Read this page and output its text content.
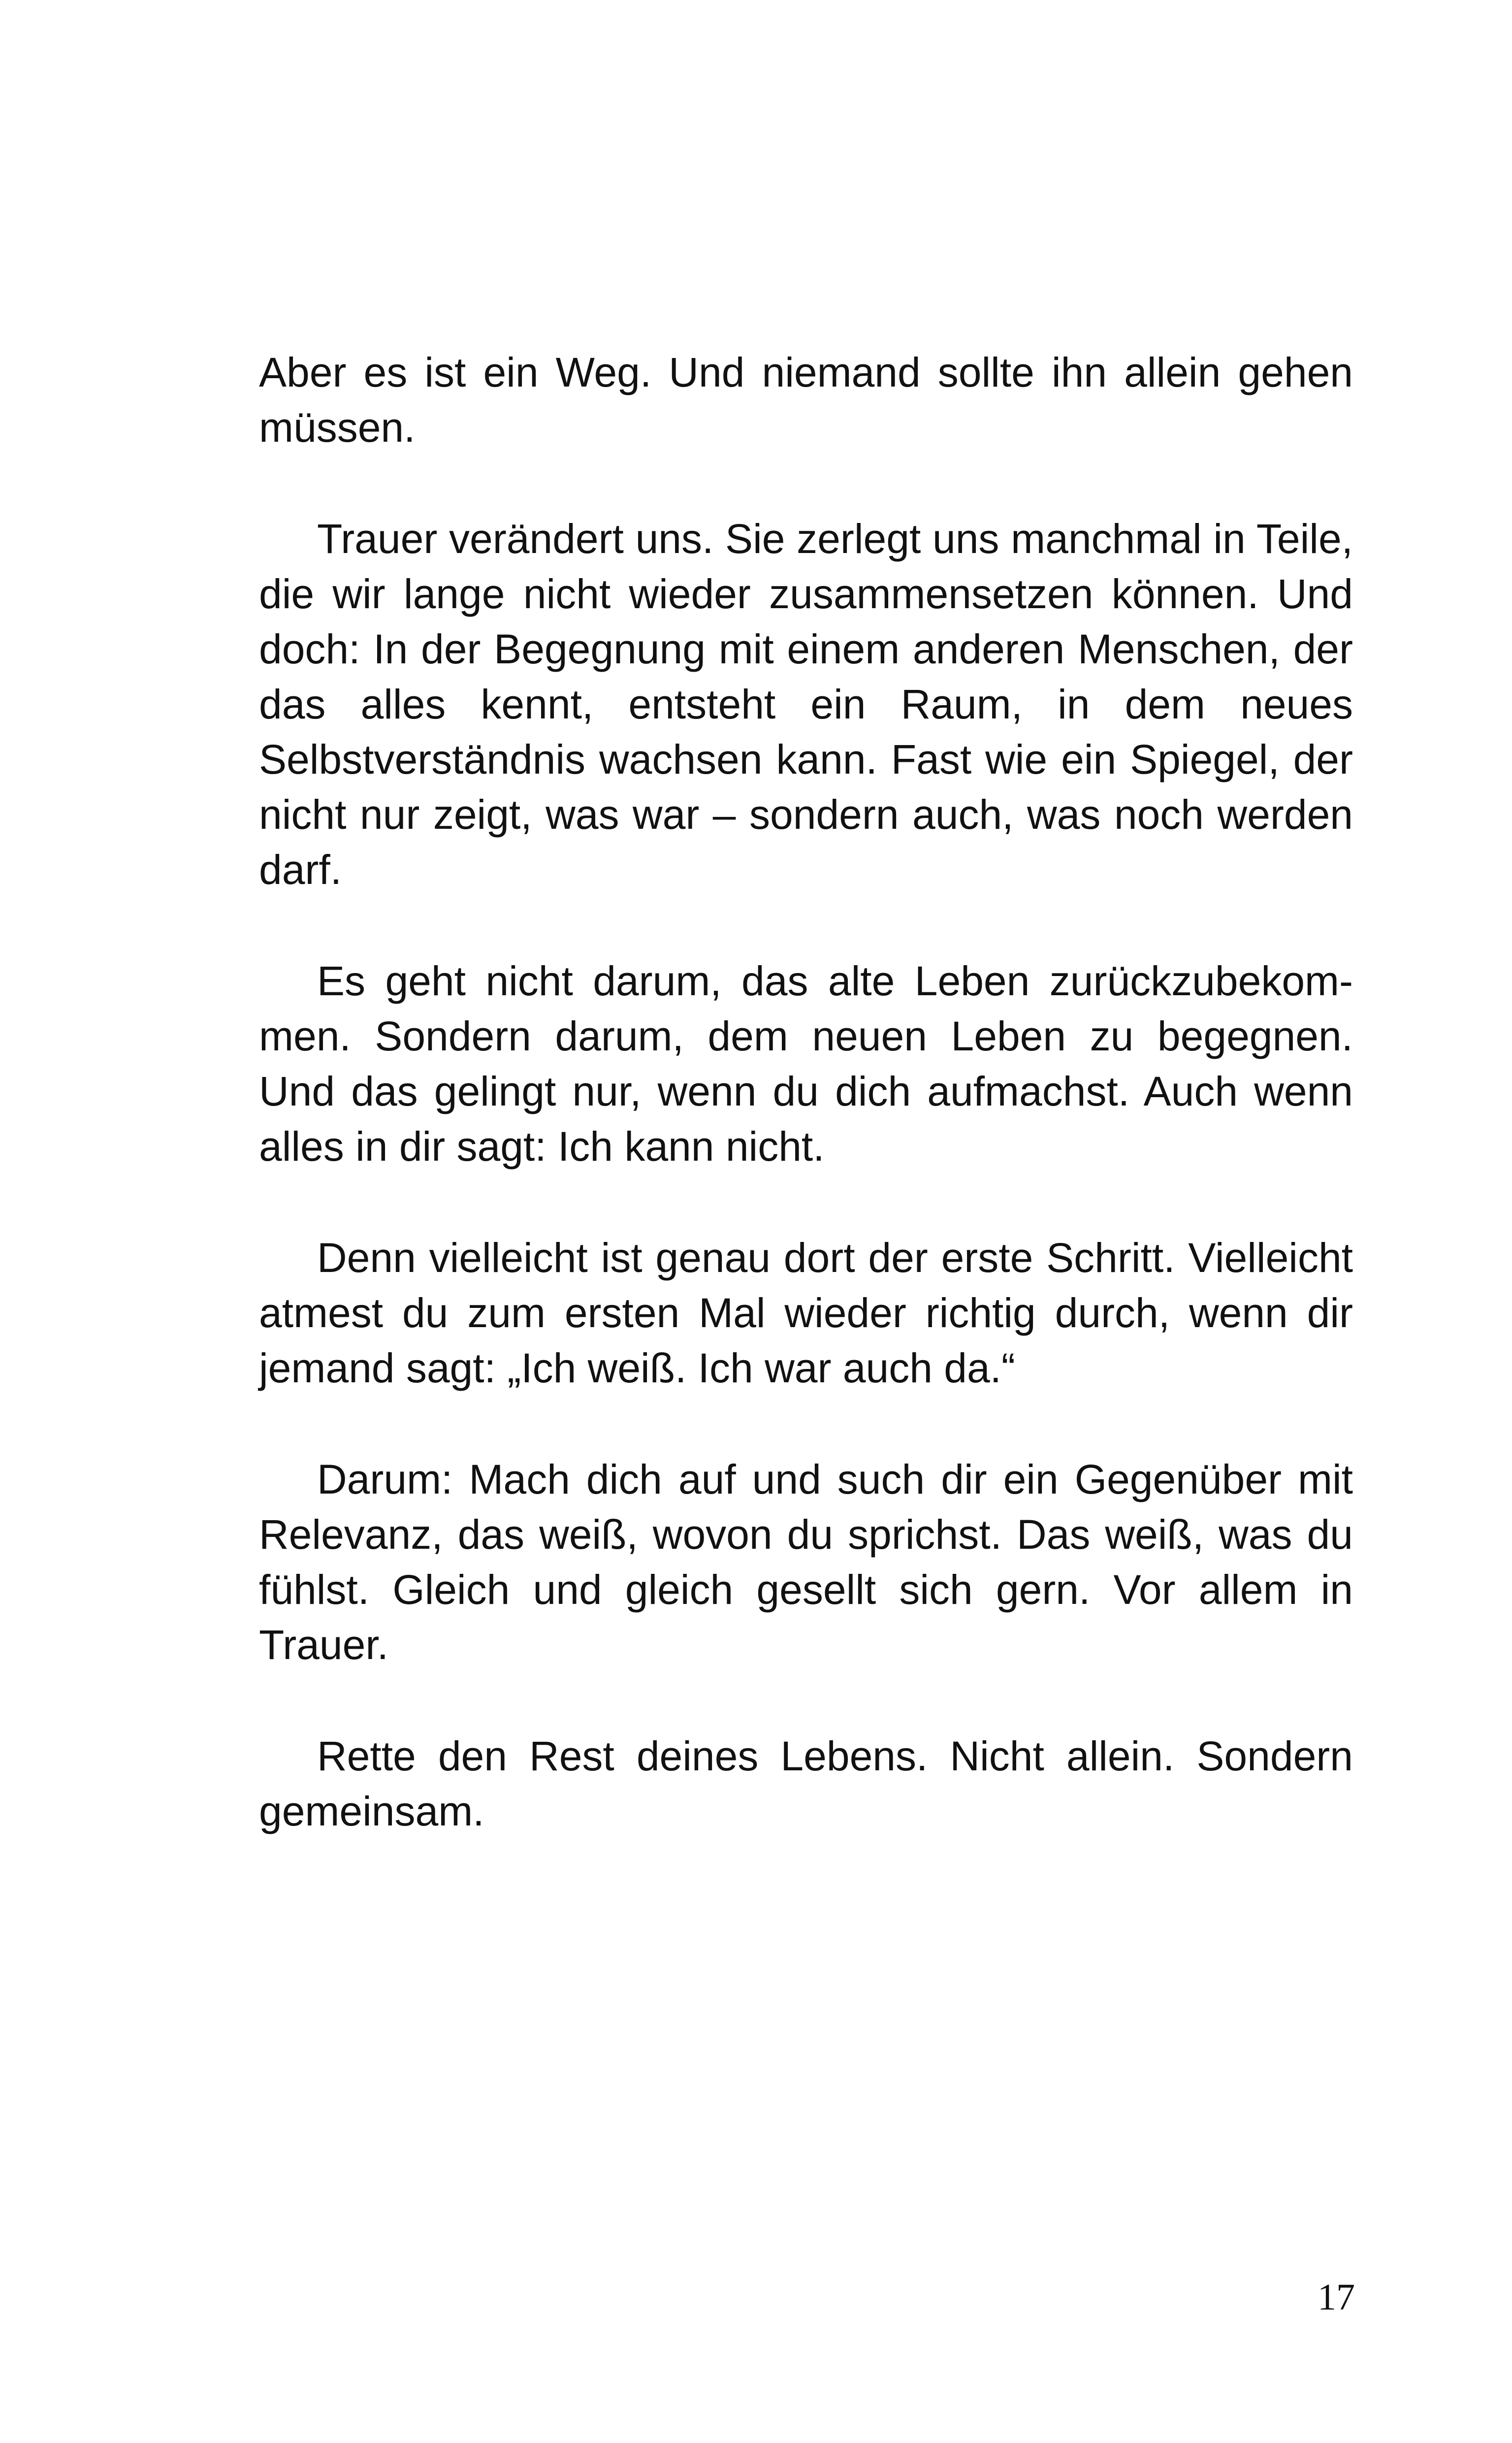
Aber es ist ein Weg. Und niemand sollte ihn allein gehen müssen.

Trauer verändert uns. Sie zerlegt uns manchmal in Teile, die wir lange nicht wieder zusammensetzen können. Und doch: In der Begegnung mit einem anderen Menschen, der das alles kennt, entsteht ein Raum, in dem neues Selbstverständnis wachsen kann. Fast wie ein Spiegel, der nicht nur zeigt, was war – sondern auch, was noch werden darf.

Es geht nicht darum, das alte Leben zurückzubekommen. Sondern darum, dem neuen Leben zu begegnen. Und das gelingt nur, wenn du dich aufmachst. Auch wenn alles in dir sagt: Ich kann nicht.

Denn vielleicht ist genau dort der erste Schritt. Vielleicht atmest du zum ersten Mal wieder richtig durch, wenn dir jemand sagt: „Ich weiß. Ich war auch da.“

Darum: Mach dich auf und such dir ein Gegenüber mit Relevanz, das weiß, wovon du sprichst. Das weiß, was du fühlst. Gleich und gleich gesellt sich gern. Vor allem in Trauer.

Rette den Rest deines Lebens. Nicht allein. Sondern gemeinsam.

17
